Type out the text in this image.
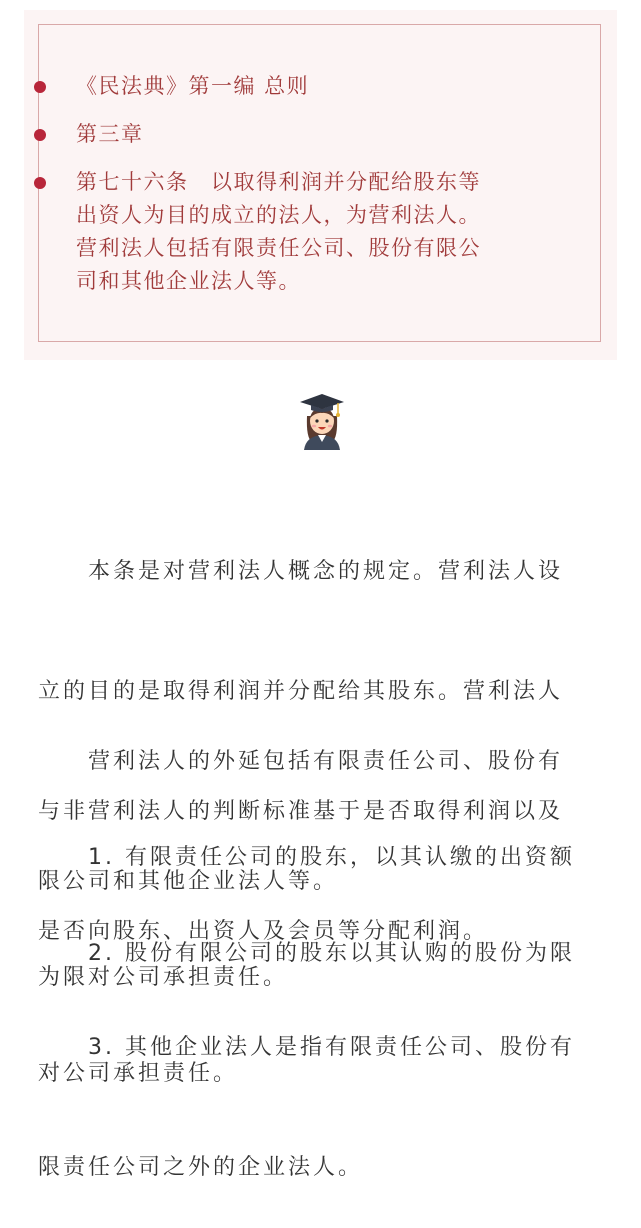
《民法典》第一编 总则
第三章
第七十六条　以取得利润并分配给股东等
出资人为目的成立的法人，为营利法人。
营利法人包括有限责任公司、股份有限公
司和其他企业法人等。

　　本条是对营利法人概念的规定。营利法人设

立的目的是取得利润并分配给其股东。营利法人

与非营利法人的判断标准基于是否取得利润以及

是否向股东、出资人及会员等分配利润。

　　营利法人的外延包括有限责任公司、股份有

限公司和其他企业法人等。

　　1. 有限责任公司的股东，以其认缴的出资额

为限对公司承担责任。

　　2. 股份有限公司的股东以其认购的股份为限

对公司承担责任。

　　3. 其他企业法人是指有限责任公司、股份有

限责任公司之外的企业法人。
